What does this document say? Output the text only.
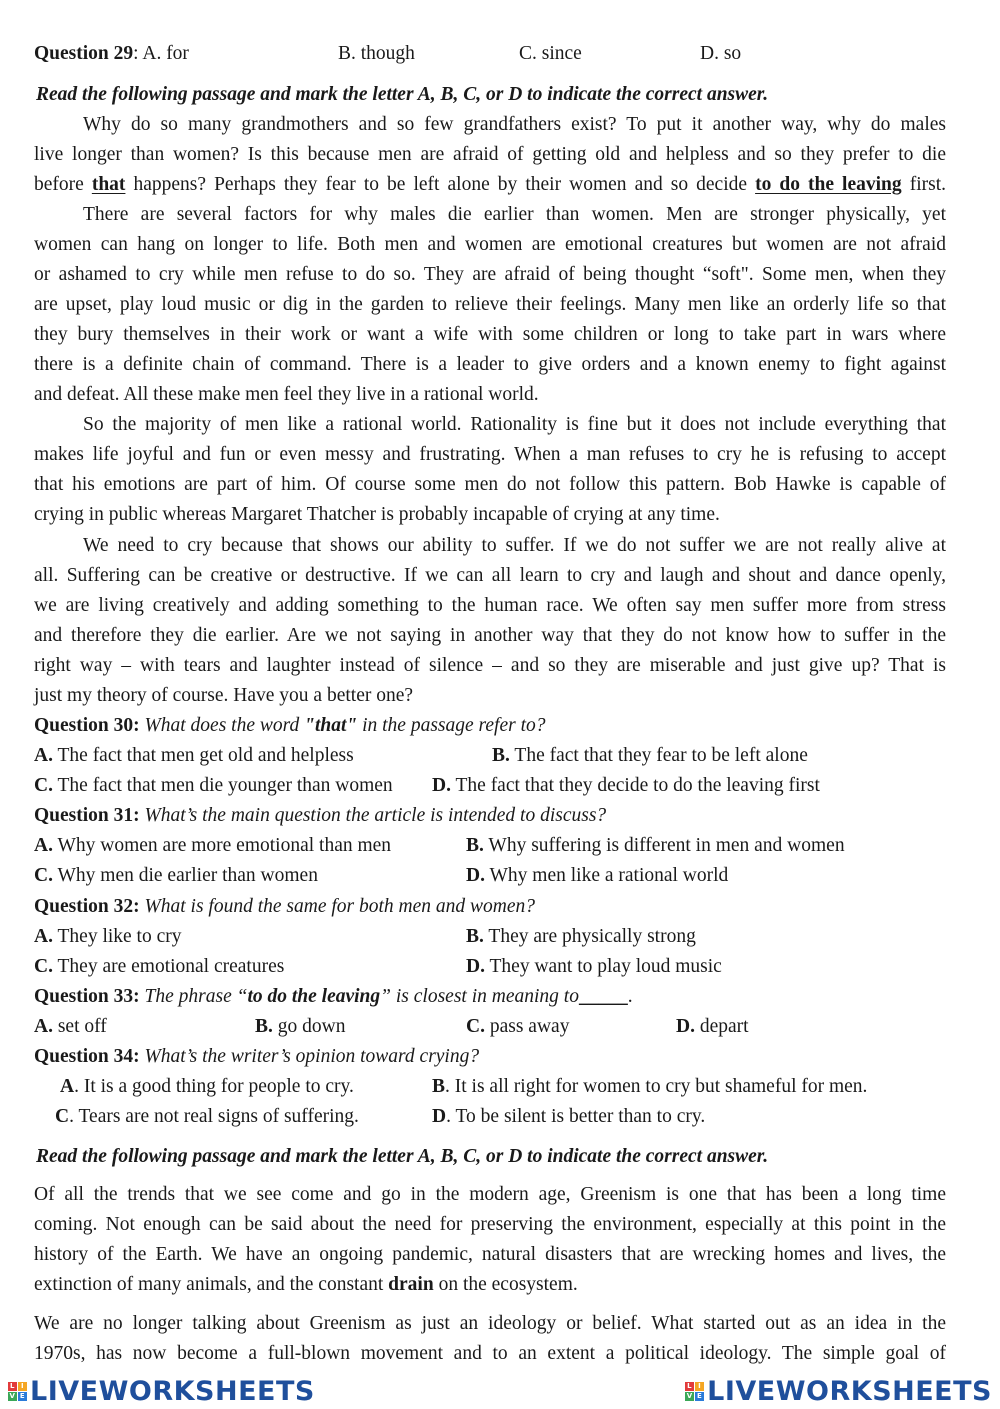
Question 29: A. for	B. though	C. since	D. so
Read the following passage and mark the letter A, B, C, or D to indicate the correct answer.
Why do so many grandmothers and so few grandfathers exist? To put it another way, why do males
live longer than women? Is this because men are afraid of getting old and helpless and so they prefer to die
before that happens? Perhaps they fear to be left alone by their women and so decide to do the leaving first.
There are several factors for why males die earlier than women. Men are stronger physically, yet
women can hang on longer to life. Both men and women are emotional creatures but women are not afraid
or ashamed to cry while men refuse to do so. They are afraid of being thought “soft". Some men, when they
are upset, play loud music or dig in the garden to relieve their feelings. Many men like an orderly life so that
they bury themselves in their work or want a wife with some children or long to take part in wars where
there is a definite chain of command. There is a leader to give orders and a known enemy to fight against
and defeat. All these make men feel they live in a rational world.
So the majority of men like a rational world. Rationality is fine but it does not include everything that
makes life joyful and fun or even messy and frustrating. When a man refuses to cry he is refusing to accept
that his emotions are part of him. Of course some men do not follow this pattern. Bob Hawke is capable of
crying in public whereas Margaret Thatcher is probably incapable of crying at any time.
We need to cry because that shows our ability to suffer. If we do not suffer we are not really alive at
all. Suffering can be creative or destructive. If we can all learn to cry and laugh and shout and dance openly,
we are living creatively and adding something to the human race. We often say men suffer more from stress
and therefore they die earlier. Are we not saying in another way that they do not know how to suffer in the
right way – with tears and laughter instead of silence – and so they are miserable and just give up? That is
just my theory of course. Have you a better one?
Question 30: What does the word "that" in the passage refer to?
A. The fact that men get old and helpless	B. The fact that they fear to be left alone
C. The fact that men die younger than women D. The fact that they decide to do the leaving first
Question 31: What’s the main question the article is intended to discuss?
A. Why women are more emotional than men	B. Why suffering is different in men and women
C. Why men die earlier than women	D. Why men like a rational world
Question 32: What is found the same for both men and women?
A. They like to cry	B. They are physically strong
C. They are emotional creatures	D. They want to play loud music
Question 33: The phrase “to do the leaving” is closest in meaning to_____.
A. set off	B. go down	C. pass away	D. depart
Question 34: What’s the writer’s opinion toward crying?
A. It is a good thing for people to cry.	B. It is all right for women to cry but shameful for men.
C. Tears are not real signs of suffering.	D. To be silent is better than to cry.
Read the following passage and mark the letter A, B, C, or D to indicate the correct answer.
Of all the trends that we see come and go in the modern age, Greenism is one that has been a long time
coming. Not enough can be said about the need for preserving the environment, especially at this point in the
history of the Earth. We have an ongoing pandemic, natural disasters that are wrecking homes and lives, the
extinction of many animals, and the constant drain on the ecosystem.
We are no longer talking about Greenism as just an ideology or belief. What started out as an idea in the
1970s, has now become a full-blown movement and to an extent a political ideology. The simple goal of
L I
V E LIVEWORKSHEETS	L I
V E LIVEWORKSHEETS
